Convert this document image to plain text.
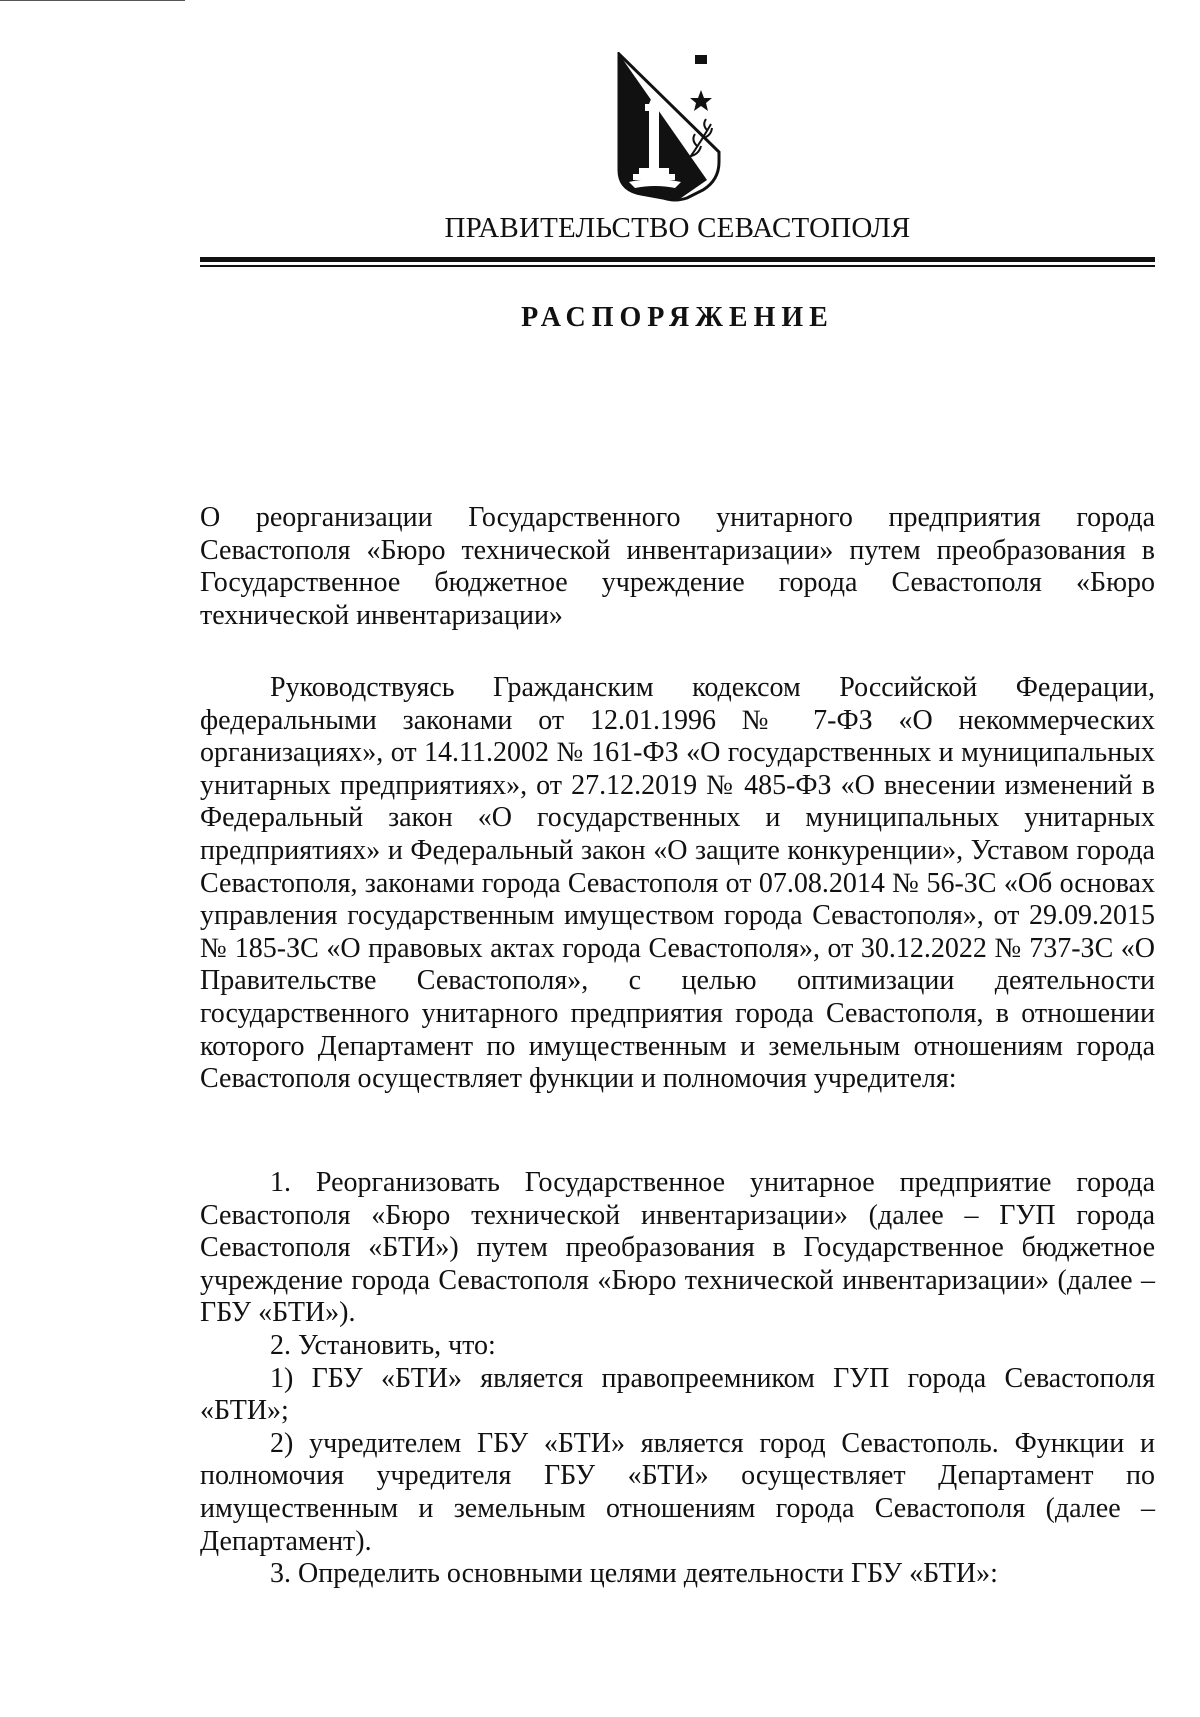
ПРАВИТЕЛЬСТВО СЕВАСТОПОЛЯ
РАСПОРЯЖЕНИЕ

О реорганизации Государственного унитарного предприятия города Севастополя «Бюро технической инвентаризации» путем преобразования в Государственное бюджетное учреждение города Севастополя «Бюро технической инвентаризации»

Руководствуясь Гражданским кодексом Российской Федерации, федеральными законами от 12.01.1996 № 7-ФЗ «О некоммерческих организациях», от 14.11.2002 № 161-ФЗ «О государственных и муниципальных унитарных предприятиях», от 27.12.2019 № 485-ФЗ «О внесении изменений в Федеральный закон «О государственных и муниципальных унитарных предприятиях» и Федеральный закон «О защите конкуренции», Уставом города Севастополя, законами города Севастополя от 07.08.2014 № 56-ЗС «Об основах управления государственным имуществом города Севастополя», от 29.09.2015 № 185-ЗС «О правовых актах города Севастополя», от 30.12.2022 № 737-ЗС «О Правительстве Севастополя», с целью оптимизации деятельности государственного унитарного предприятия города Севастополя, в отношении которого Департамент по имущественным и земельным отношениям города Севастополя осуществляет функции и полномочия учредителя:

1. Реорганизовать Государственное унитарное предприятие города Севастополя «Бюро технической инвентаризации» (далее – ГУП города Севастополя «БТИ») путем преобразования в Государственное бюджетное учреждение города Севастополя «Бюро технической инвентаризации» (далее – ГБУ «БТИ»).

2. Установить, что:

1) ГБУ «БТИ» является правопреемником ГУП города Севастополя «БТИ»;

2) учредителем ГБУ «БТИ» является город Севастополь. Функции и полномочия учредителя ГБУ «БТИ» осуществляет Департамент по имущественным и земельным отношениям города Севастополя (далее – Департамент).

3. Определить основными целями деятельности ГБУ «БТИ»:
